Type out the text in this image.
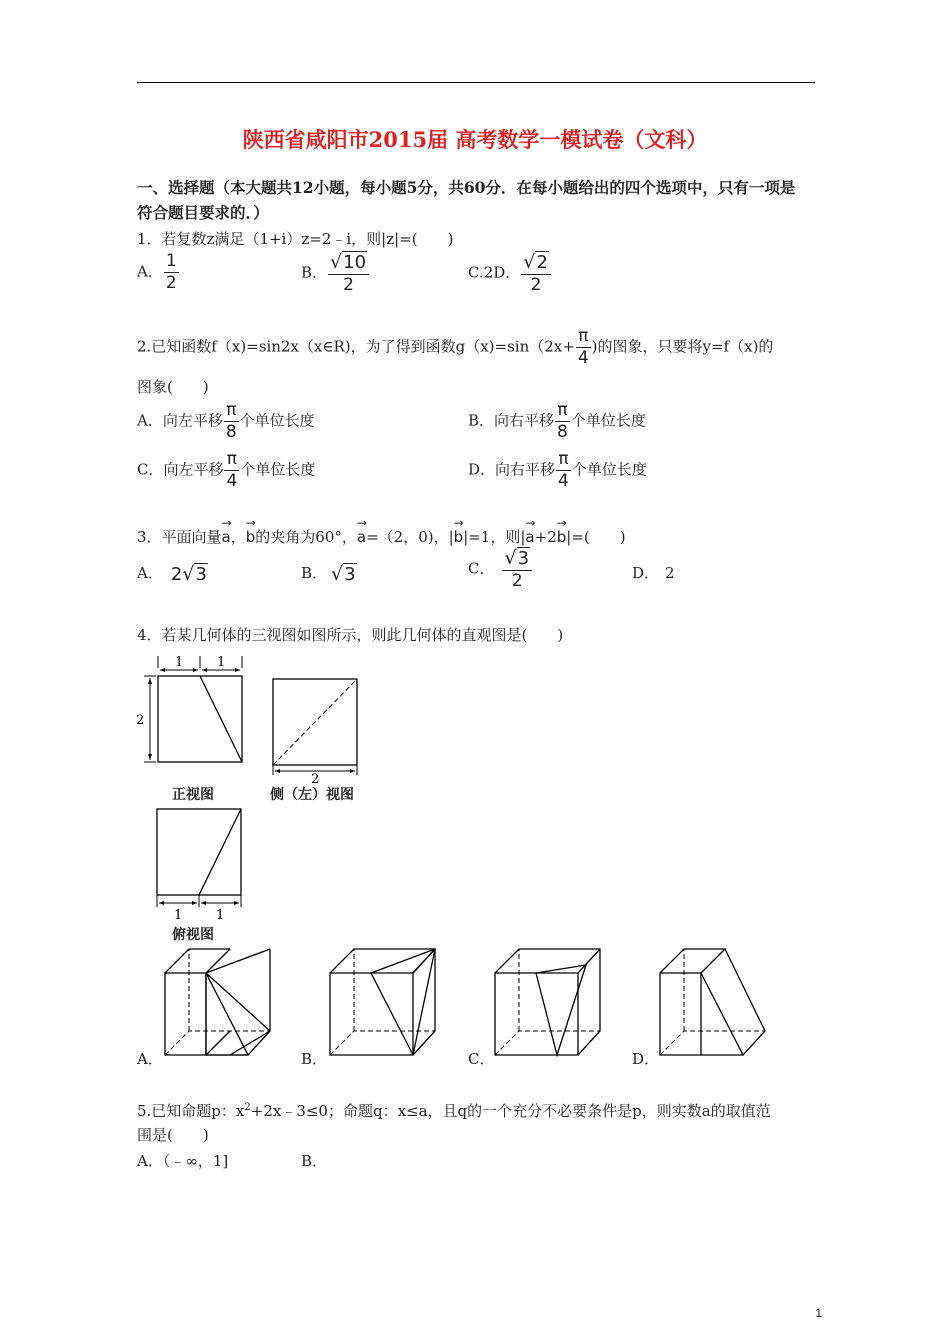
陕西省咸阳市2015届 高考数学一模试卷（文科）
一、选择题（本大题共12小题，每小题5分，共60分．在每小题给出的四个选项中，只有一项是
符合题目要求的．）
1．若复数z满足（1+i）z=2﹣i，则|z|=(　　)
A． $\frac{1}{2}$	B． $\frac{√10}{2}$	C.2D． $\frac{√2}{2}$
2.已知函数f（x)=sin2x（x∈R)，为了得到函数$g(x)=\sin(2x+ \frac{\pi}{4}$ )的图象，只要将y=f（x)的
图象(　　)
A．向左平移 $\frac{\pi}{8}$ 个单位长度	B．向右平移 $\frac{\pi}{8}$ 个单位长度
C．向左平移 $\frac{\pi}{4}$ 个单位长度	D．向右平移 $\frac{\pi}{4}$ 个单位长度
3．平面向量→ a，→ b的夹角为60°，→ a=（2，0)，|→ b|=1，则|→ a+2→ b|=(　　)
A． 2√3	B． √3	C． $\frac{√3}{2}$	D． 2
4．若某几何体的三视图如图所示，则此几何体的直观图是(　　)
1	1
2
正视图
2
侧（左）视图
1	1
俯视图
A．	B．	C．	D．
5.已知命题p：$x^2+2x﹣3\le 0$；命题q：x≤a，且q的一个充分不必要条件是p，则实数a的取值范
围是(　　)
A．（﹣∞，1]	B．
1
